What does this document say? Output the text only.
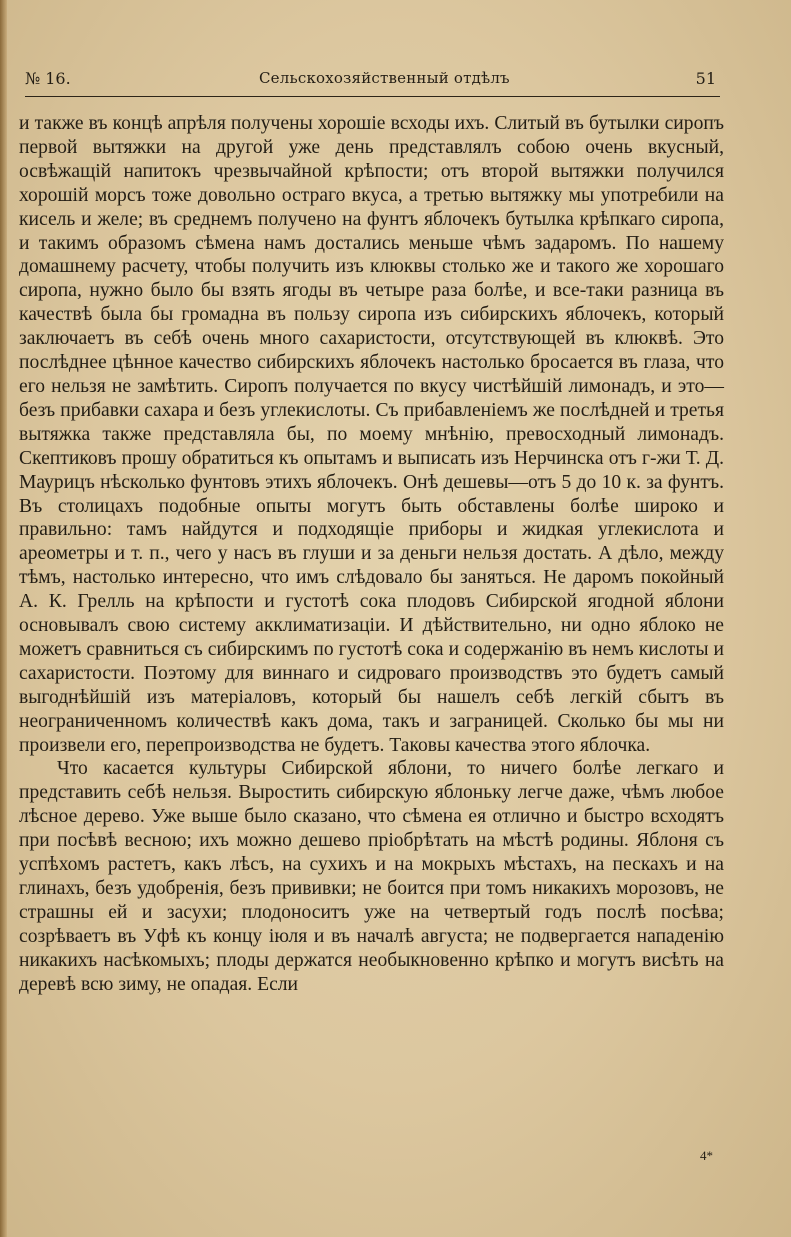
№ 16.	Сельскохозяйственный отдѣлъ	51

и также въ концѣ апрѣля получены хорошіе всходы ихъ. Слитый въ бутылки сиропъ первой вытяжки на другой уже день представлялъ собою очень вкусный, освѣжащій напитокъ чрезвычайной крѣпости; отъ второй вытяжки получился хорошій морсъ тоже довольно остраго вкуса, а третью вытяжку мы употребили на кисель и желе; въ среднемъ получено на фунтъ яблочекъ бутылка крѣпкаго сиропа, и такимъ образомъ сѣмена намъ достались меньше чѣмъ задаромъ. По нашему домашнему расчету, чтобы получить изъ клюквы столько же и такого же хорошаго сиропа, нужно было бы взять ягоды въ четыре раза болѣе, и все-таки разница въ качествѣ была бы громадна въ пользу сиропа изъ сибирскихъ яблочекъ, который заключаетъ въ себѣ очень много сахаристости, отсутствующей въ клюквѣ. Это послѣднее цѣнное качество сибирскихъ яблочекъ настолько бросается въ глаза, что его нельзя не замѣтить. Сиропъ получается по вкусу чистѣйшій лимонадъ, и это—безъ прибавки сахара и безъ углекислоты. Съ прибавленіемъ же послѣдней и третья вытяжка также представляла бы, по моему мнѣнію, превосходный лимонадъ. Скептиковъ прошу обратиться къ опытамъ и выписать изъ Нерчинска отъ г-жи Т. Д. Маурицъ нѣсколько фунтовъ этихъ яблочекъ. Онѣ дешевы—отъ 5 до 10 к. за фунтъ. Въ столицахъ подобные опыты могутъ быть обставлены болѣе широко и правильно: тамъ найдутся и подходящіе приборы и жидкая углекислота и ареометры и т. п., чего у насъ въ глуши и за деньги нельзя достать. А дѣло, между тѣмъ, настолько интересно, что имъ слѣдовало бы заняться. Не даромъ покойный А. К. Грелль на крѣпости и густотѣ сока плодовъ Сибирской ягодной яблони основывалъ свою систему акклиматизаціи. И дѣйствительно, ни одно яблоко не можетъ сравниться съ сибирскимъ по густотѣ сока и содержанію въ немъ кислоты и сахаристости. Поэтому для виннаго и сидроваго производствъ это будетъ самый выгоднѣйшій изъ матеріаловъ, который бы нашелъ себѣ легкій сбытъ въ неограниченномъ количествѣ какъ дома, такъ и заграницей. Сколько бы мы ни произвели его, перепроизводства не будетъ. Таковы качества этого яблочка.

Что касается культуры Сибирской яблони, то ничего болѣе легкаго и представить себѣ нельзя. Выростить сибирскую яблоньку легче даже, чѣмъ любое лѣсное дерево. Уже выше было сказано, что сѣмена ея отлично и быстро всходятъ при посѣвѣ весною; ихъ можно дешево пріобрѣтать на мѣстѣ родины. Яблоня съ успѣхомъ растетъ, какъ лѣсъ, на сухихъ и на мокрыхъ мѣстахъ, на пескахъ и на глинахъ, безъ удобренія, безъ прививки; не боится при томъ никакихъ морозовъ, не страшны ей и засухи; плодоноситъ уже на четвертый годъ послѣ посѣва; созрѣваетъ въ Уфѣ къ концу іюля и въ началѣ августа; не подвергается нападенію никакихъ насѣкомыхъ; плоды держатся необыкновенно крѣпко и могутъ висѣть на деревѣ всю зиму, не опадая. Если

4*
